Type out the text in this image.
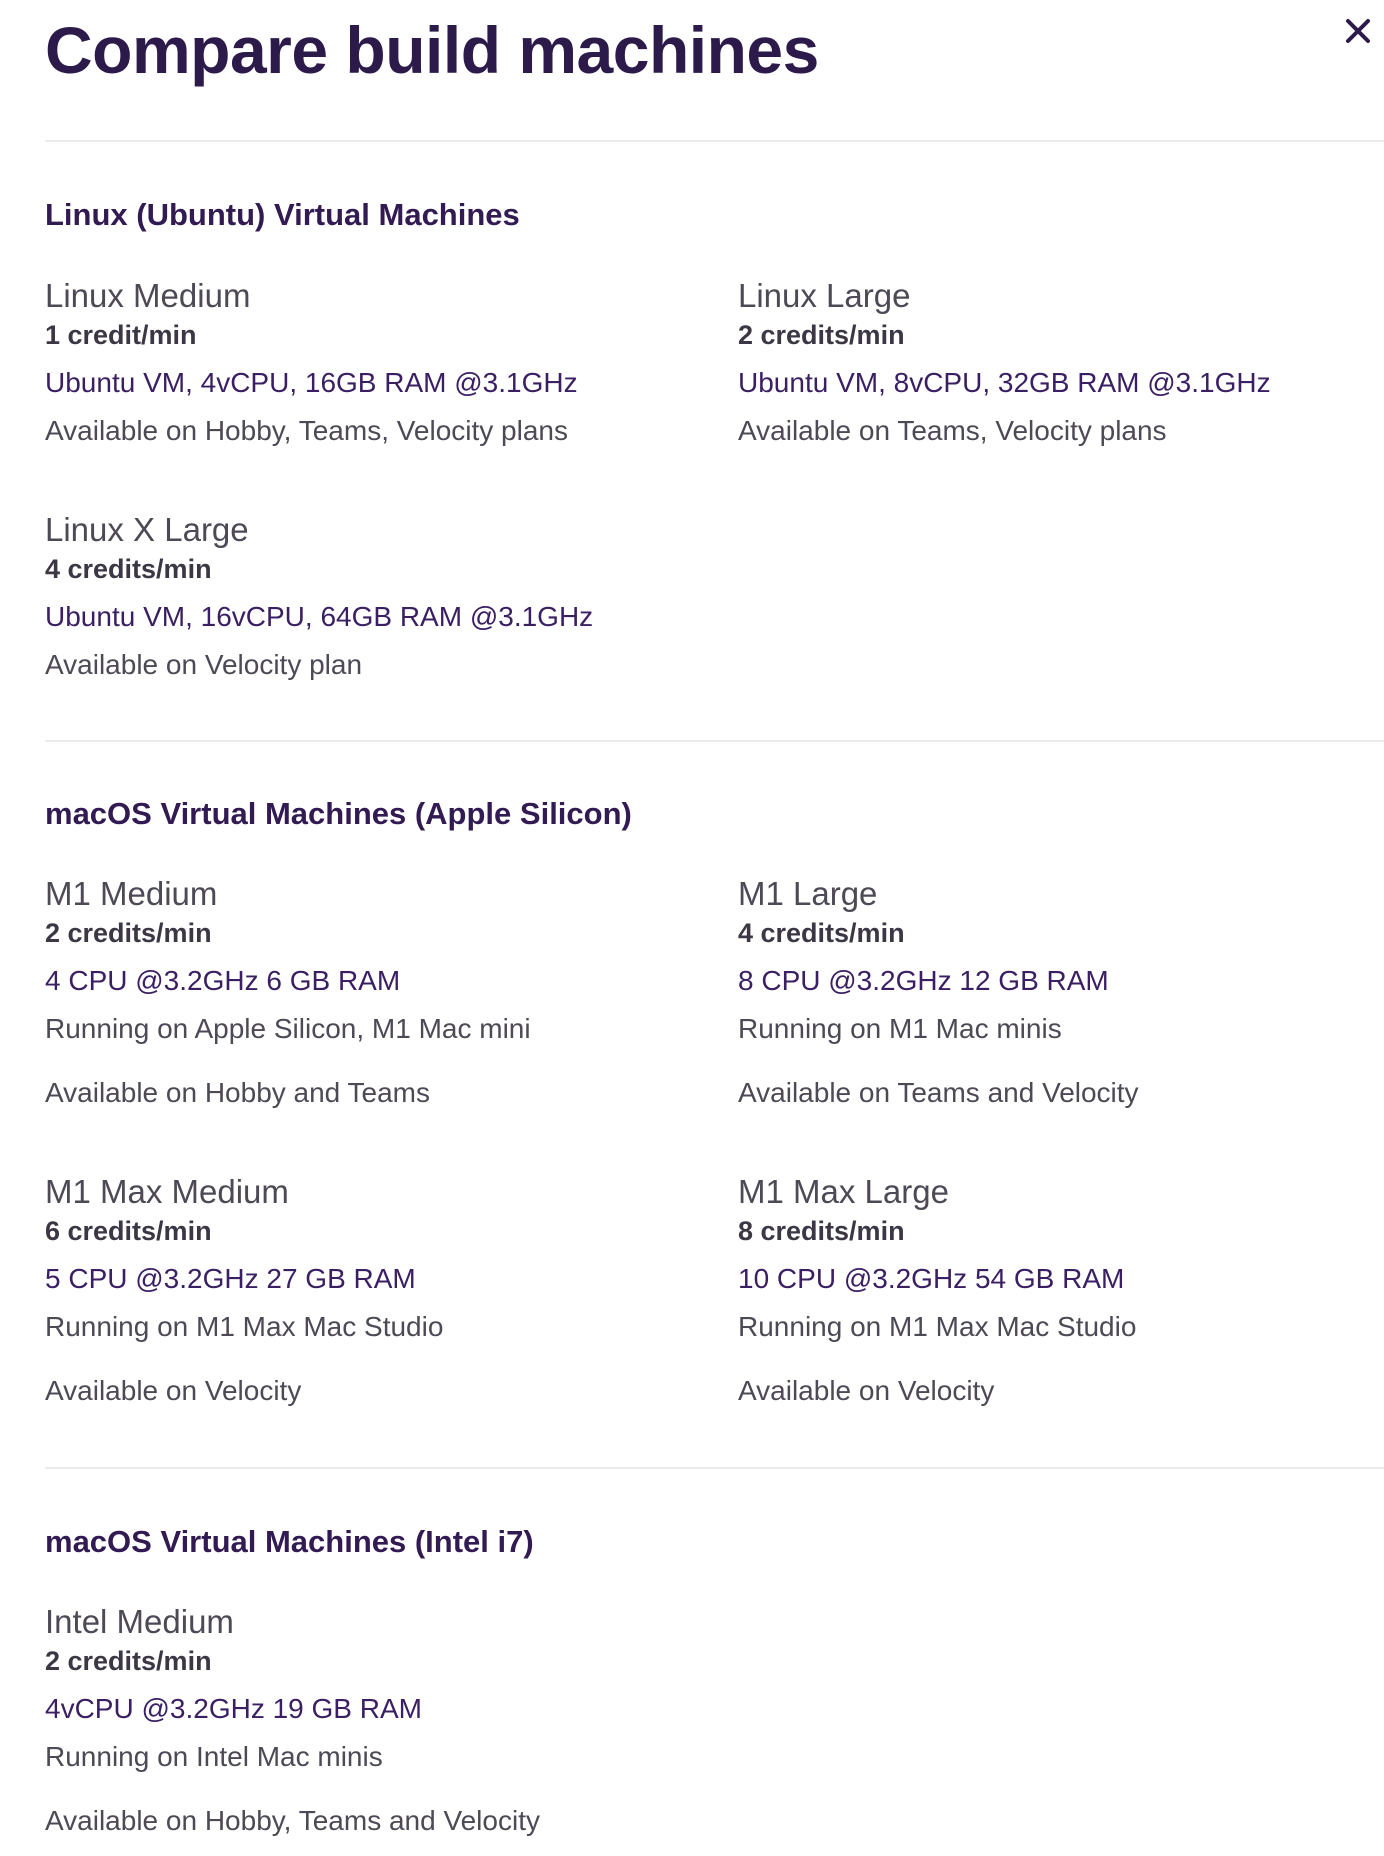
Compare build machines
Linux (Ubuntu) Virtual Machines
Linux Medium
1 credit/min
Ubuntu VM, 4vCPU, 16GB RAM @3.1GHz
Available on Hobby, Teams, Velocity plans
Linux Large
2 credits/min
Ubuntu VM, 8vCPU, 32GB RAM @3.1GHz
Available on Teams, Velocity plans
Linux X Large
4 credits/min
Ubuntu VM, 16vCPU, 64GB RAM @3.1GHz
Available on Velocity plan
macOS Virtual Machines (Apple Silicon)
M1 Medium
2 credits/min
4 CPU @3.2GHz 6 GB RAM
Running on Apple Silicon, M1 Mac mini
Available on Hobby and Teams
M1 Large
4 credits/min
8 CPU @3.2GHz 12 GB RAM
Running on M1 Mac minis
Available on Teams and Velocity
M1 Max Medium
6 credits/min
5 CPU @3.2GHz 27 GB RAM
Running on M1 Max Mac Studio
Available on Velocity
M1 Max Large
8 credits/min
10 CPU @3.2GHz 54 GB RAM
Running on M1 Max Mac Studio
Available on Velocity
macOS Virtual Machines (Intel i7)
Intel Medium
2 credits/min
4vCPU @3.2GHz 19 GB RAM
Running on Intel Mac minis
Available on Hobby, Teams and Velocity
